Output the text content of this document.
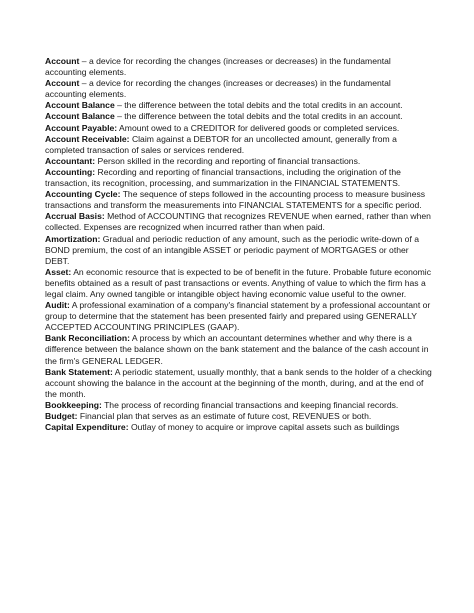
Account – a device for recording the changes (increases or decreases) in the fundamental accounting elements.

Account – a device for recording the changes (increases or decreases) in the fundamental accounting elements.

Account Balance – the difference between the total debits and the total credits in an account.

Account Balance – the difference between the total debits and the total credits in an account.

Account Payable: Amount owed to a CREDITOR for delivered goods or completed services.

Account Receivable: Claim against a DEBTOR for an uncollected amount, generally from a completed transaction of sales or services rendered.

Accountant: Person skilled in the recording and reporting of financial transactions.

Accounting: Recording and reporting of financial transactions, including the origination of the transaction, its recognition, processing, and summarization in the FINANCIAL STATEMENTS.

Accounting Cycle: The sequence of steps followed in the accounting process to measure business transactions and transform the measurements into FINANCIAL STATEMENTS for a specific period.

Accrual Basis: Method of ACCOUNTING that recognizes REVENUE when earned, rather than when collected. Expenses are recognized when incurred rather than when paid.

Amortization: Gradual and periodic reduction of any amount, such as the periodic write-down of a BOND premium, the cost of an intangible ASSET or periodic payment of MORTGAGES or other DEBT.

Asset: An economic resource that is expected to be of benefit in the future. Probable future economic benefits obtained as a result of past transactions or events. Anything of value to which the firm has a legal claim. Any owned tangible or intangible object having economic value useful to the owner.

Audit: A professional examination of a company's financial statement by a professional accountant or group to determine that the statement has been presented fairly and prepared using GENERALLY ACCEPTED ACCOUNTING PRINCIPLES (GAAP).

Bank Reconciliation: A process by which an accountant determines whether and why there is a difference between the balance shown on the bank statement and the balance of the cash account in the firm's GENERAL LEDGER.

Bank Statement: A periodic statement, usually monthly, that a bank sends to the holder of a checking account showing the balance in the account at the beginning of the month, during, and at the end of the month.

Bookkeeping: The process of recording financial transactions and keeping financial records.

Budget: Financial plan that serves as an estimate of future cost, REVENUES or both.

Capital Expenditure: Outlay of money to acquire or improve capital assets such as buildings
